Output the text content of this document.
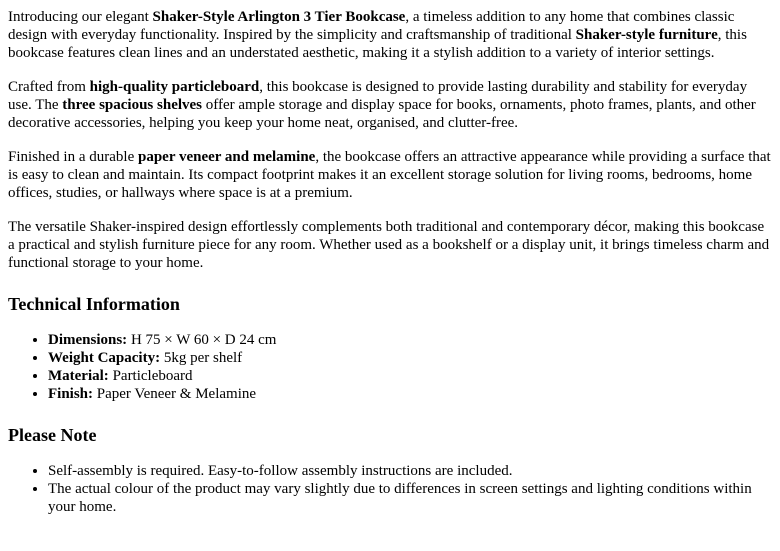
Introducing our elegant Shaker-Style Arlington 3 Tier Bookcase, a timeless addition to any home that combines classic design with everyday functionality. Inspired by the simplicity and craftsmanship of traditional Shaker-style furniture, this bookcase features clean lines and an understated aesthetic, making it a stylish addition to a variety of interior settings.

Crafted from high-quality particleboard, this bookcase is designed to provide lasting durability and stability for everyday use. The three spacious shelves offer ample storage and display space for books, ornaments, photo frames, plants, and other decorative accessories, helping you keep your home neat, organised, and clutter-free.

Finished in a durable paper veneer and melamine, the bookcase offers an attractive appearance while providing a surface that is easy to clean and maintain. Its compact footprint makes it an excellent storage solution for living rooms, bedrooms, home offices, studies, or hallways where space is at a premium.

The versatile Shaker-inspired design effortlessly complements both traditional and contemporary décor, making this bookcase a practical and stylish furniture piece for any room. Whether used as a bookshelf or a display unit, it brings timeless charm and functional storage to your home.

Technical Information
• Dimensions: H 75 × W 60 × D 24 cm
• Weight Capacity: 5kg per shelf
• Material: Particleboard
• Finish: Paper Veneer & Melamine
Please Note
• Self-assembly is required. Easy-to-follow assembly instructions are included.
• The actual colour of the product may vary slightly due to differences in screen settings and lighting conditions within your home.
